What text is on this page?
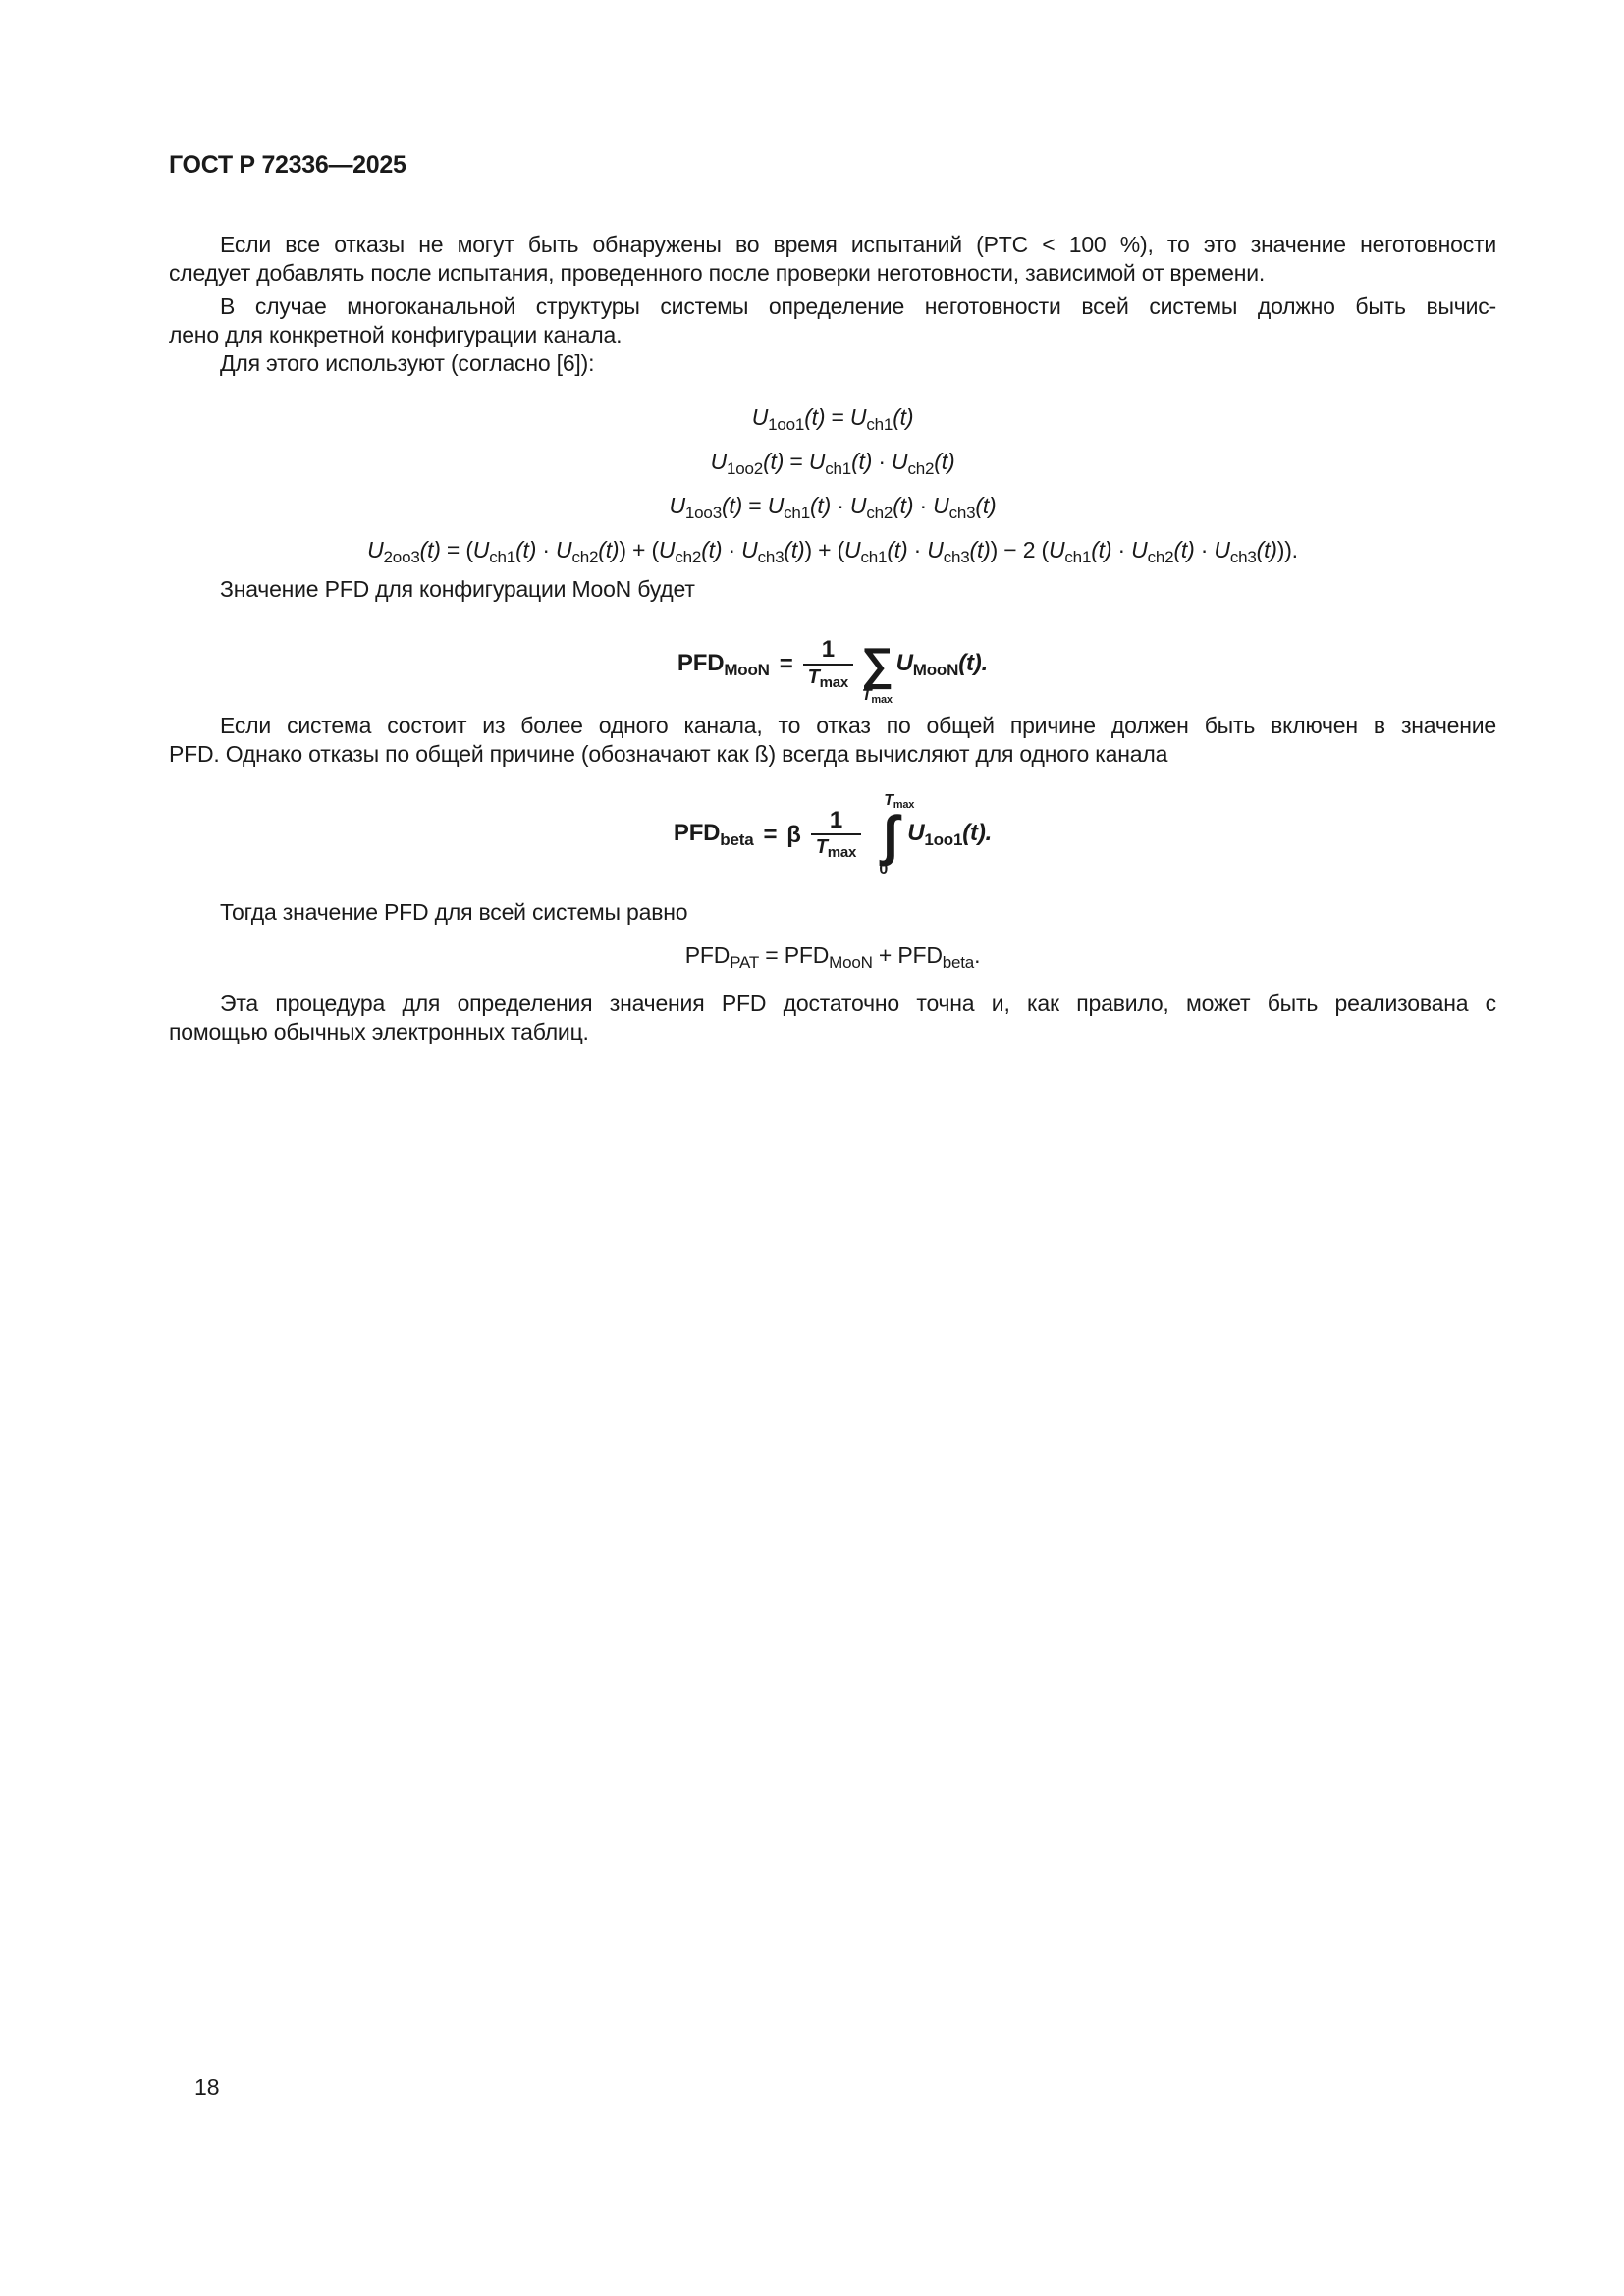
ГОСТ Р 72336—2025
Если все отказы не могут быть обнаружены во время испытаний (PTC < 100 %), то это значение неготовности
следует добавлять после испытания, проведенного после проверки неготовности, зависимой от времени.
В случае многоканальной структуры системы определение неготовности всей системы должно быть вычис-
лено для конкретной конфигурации канала.
Для этого используют (согласно [6]):
$U_{1oo1}(t) = U_{ch1}(t)$
$U_{1oo2}(t) = U_{ch1}(t) \cdot U_{ch2}(t)$
$U_{1oo3}(t) = U_{ch1}(t) \cdot U_{ch2}(t) \cdot U_{ch3}(t)$
$U_{2oo3}(t) = (U_{ch1}(t) \cdot U_{ch2}(t)) + (U_{ch2}(t) \cdot U_{ch3}(t)) + (U_{ch1}(t) \cdot U_{ch3}(t)) - 2$ $(U_{ch1}(t) \cdot U_{ch2}(t) \cdot U_{ch3}(t))$).
Значение PFD для конфигурации MooN будет
PFDMooN = $\frac{1}{T_{max}}$ ∑
Tmax
UMooN(t).
Если система состоит из более одного канала, то отказ по общей причине должен быть включен в значение
PFD. Однако отказы по общей причине (обозначают как ß) всегда вычисляют для одного канала
PFDbeta = β $\frac{1}{T_{max}}$
Tmax
∫
0
U1oo1(t).
Тогда значение PFD для всей системы равно
$PFD_{PAT} = PFD_{MooN} + PFD_{beta}$.
Эта процедура для определения значения PFD достаточно точна и, как правило, может быть реализована с
помощью обычных электронных таблиц.
18
